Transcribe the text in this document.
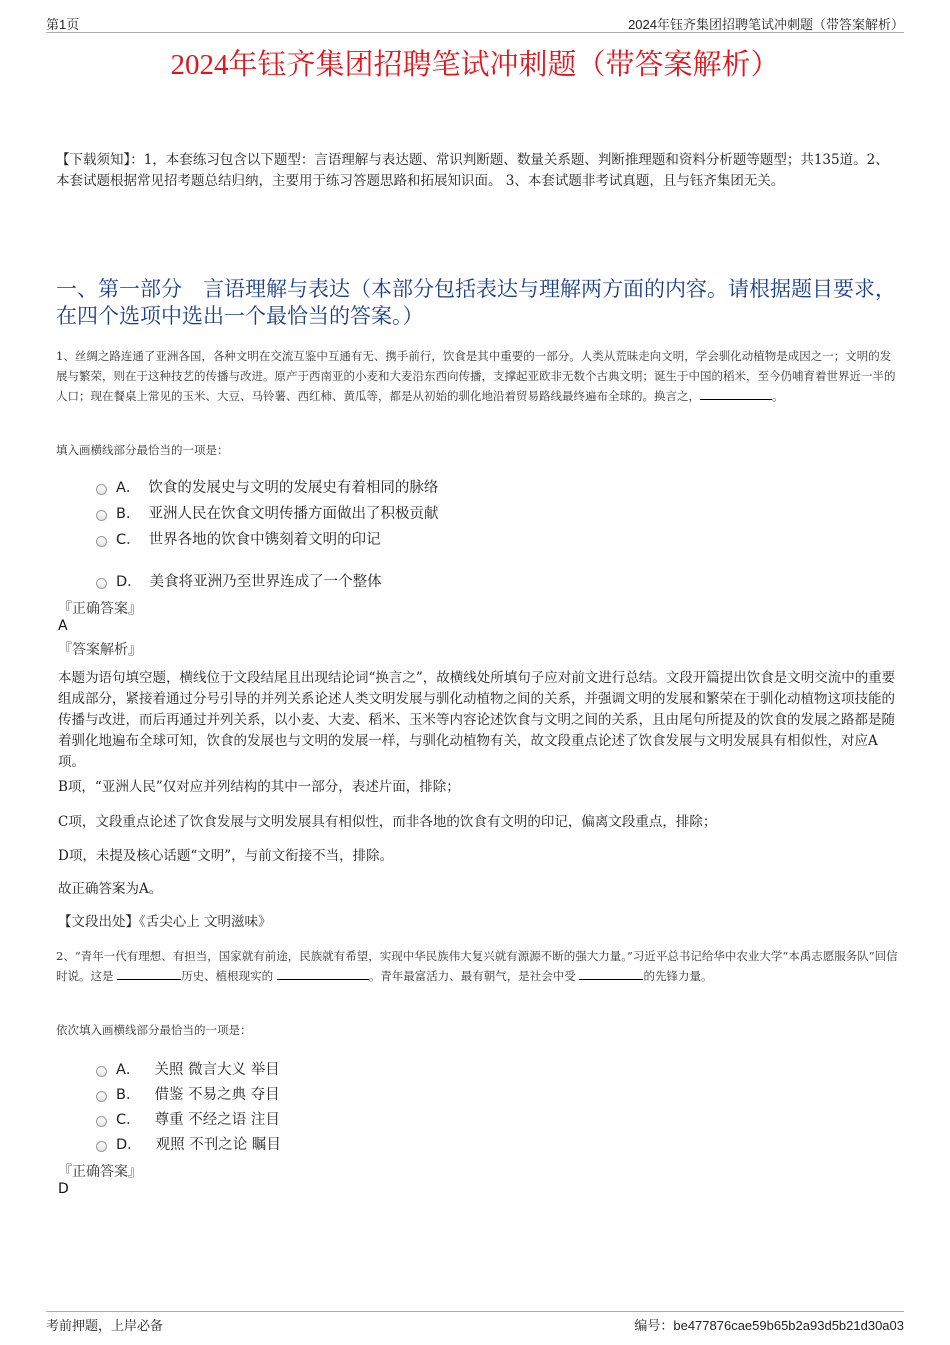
第1页	2024年钰齐集团招聘笔试冲刺题（带答案解析）
2024年钰齐集团招聘笔试冲刺题（带答案解析）
【下载须知】：1，本套练习包含以下题型：言语理解与表达题、常识判断题、数量关系题、判断推理题和资料分析题等题型；共135道。2、本套试题根据常见招考题总结归纳，主要用于练习答题思路和拓展知识面。 3、本套试题非考试真题，且与钰齐集团无关。
一、第一部分　言语理解与表达（本部分包括表达与理解两方面的内容。请根据题目要求，在四个选项中选出一个最恰当的答案。）
1、丝绸之路连通了亚洲各国，各种文明在交流互鉴中互通有无、携手前行，饮食是其中重要的一部分。人类从荒昧走向文明，学会驯化动植物是成因之一；文明的发展与繁荣，则在于这种技艺的传播与改进。原产于西南亚的小麦和大麦沿东西向传播，支撑起亚欧非无数个古典文明；诞生于中国的稻米，至今仍哺育着世界近一半的人口；现在餐桌上常见的玉米、大豆、马铃薯、西红柿、黄瓜等，都是从初始的驯化地沿着贸易路线最终遍布全球的。换言之，	。
填入画横线部分最恰当的一项是：
A． 饮食的发展史与文明的发展史有着相同的脉络
B． 亚洲人民在饮食文明传播方面做出了积极贡献
C． 世界各地的饮食中镌刻着文明的印记
D． 美食将亚洲乃至世界连成了一个整体
『正确答案』
A
『答案解析』
本题为语句填空题，横线位于文段结尾且出现结论词“换言之”，故横线处所填句子应对前文进行总结。文段开篇提出饮食是文明交流中的重要组成部分，紧接着通过分号引导的并列关系论述人类文明发展与驯化动植物之间的关系，并强调文明的发展和繁荣在于驯化动植物这项技能的传播与改进，而后再通过并列关系，以小麦、大麦、稻米、玉米等内容论述饮食与文明之间的关系，且由尾句所提及的饮食的发展之路都是随着驯化地遍布全球可知，饮食的发展也与文明的发展一样，与驯化动植物有关，故文段重点论述了饮食发展与文明发展具有相似性，对应A项。
B项，“亚洲人民”仅对应并列结构的其中一部分，表述片面，排除；
C项，文段重点论述了饮食发展与文明发展具有相似性，而非各地的饮食有文明的印记，偏离文段重点，排除；
D项，未提及核心话题“文明”，与前文衔接不当，排除。
故正确答案为A。
【文段出处】《舌尖心上 文明滋味》
2、“青年一代有理想、有担当，国家就有前途，民族就有希望，实现中华民族伟大复兴就有源源不断的强大力量。”习近平总书记给华中农业大学“本禹志愿服务队”回信时说。这是	历史、植根现实的	。青年最富活力、最有朝气，是社会中受	的先锋力量。
依次填入画横线部分最恰当的一项是：
A． 关照 微言大义 举目
B． 借鉴 不易之典 夺目
C． 尊重 不经之语 注目
D． 观照 不刊之论 瞩目
『正确答案』
D
考前押题，上岸必备	编号：be477876cae59b65b2a93d5b21d30a03
